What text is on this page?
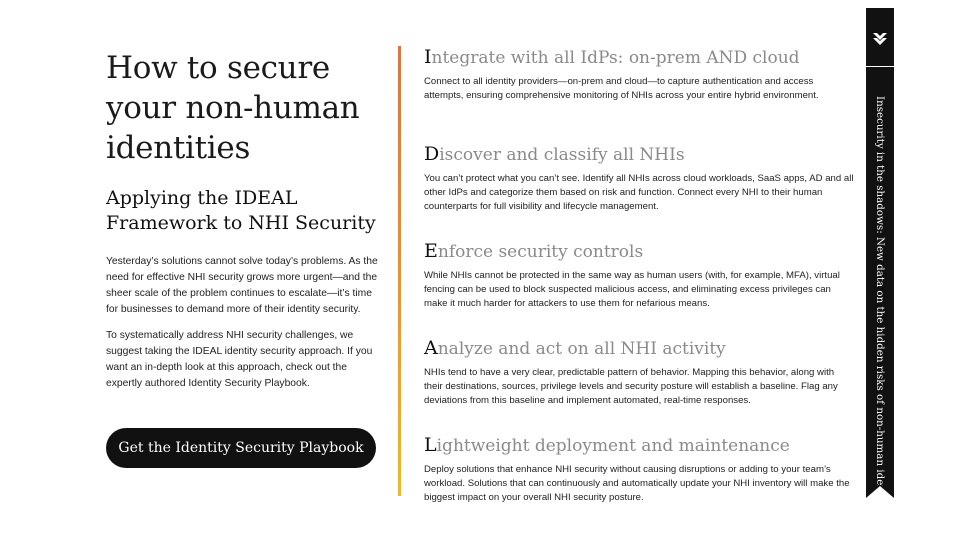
How to secure your non-human identities
Applying the IDEAL Framework to NHI Security

Yesterday’s solutions cannot solve today’s problems. As the need for effective NHI security grows more urgent—and the sheer scale of the problem continues to escalate—it’s time for businesses to demand more of their identity security.

To systematically address NHI security challenges, we suggest taking the IDEAL identity security approach. If you want an in-depth look at this approach, check out the expertly authored Identity Security Playbook.

Get the Identity Security Playbook
Integrate with all IdPs: on-prem AND cloud

Connect to all identity providers—on-prem and cloud—to capture authentication and access attempts, ensuring comprehensive monitoring of NHIs across your entire hybrid environment.

Discover and classify all NHIs

You can’t protect what you can’t see. Identify all NHIs across cloud workloads, SaaS apps, AD and all other IdPs and categorize them based on risk and function. Connect every NHI to their human counterparts for full visibility and lifecycle management.

Enforce security controls

While NHIs cannot be protected in the same way as human users (with, for example, MFA), virtual fencing can be used to block suspected malicious access, and eliminating excess privileges can make it much harder for attackers to use them for nefarious means.

Analyze and act on all NHI activity

NHIs tend to have a very clear, predictable pattern of behavior. Mapping this behavior, along with their destinations, sources, privilege levels and security posture will establish a baseline. Flag any deviations from this baseline and implement automated, real-time responses.

Lightweight deployment and maintenance

Deploy solutions that enhance NHI security without causing disruptions or adding to your team’s workload. Solutions that can continuously and automatically update your NHI inventory will make the biggest impact on your overall NHI security posture.	Insecurity in the shadows: New data on the hidden risks of non-human identities
